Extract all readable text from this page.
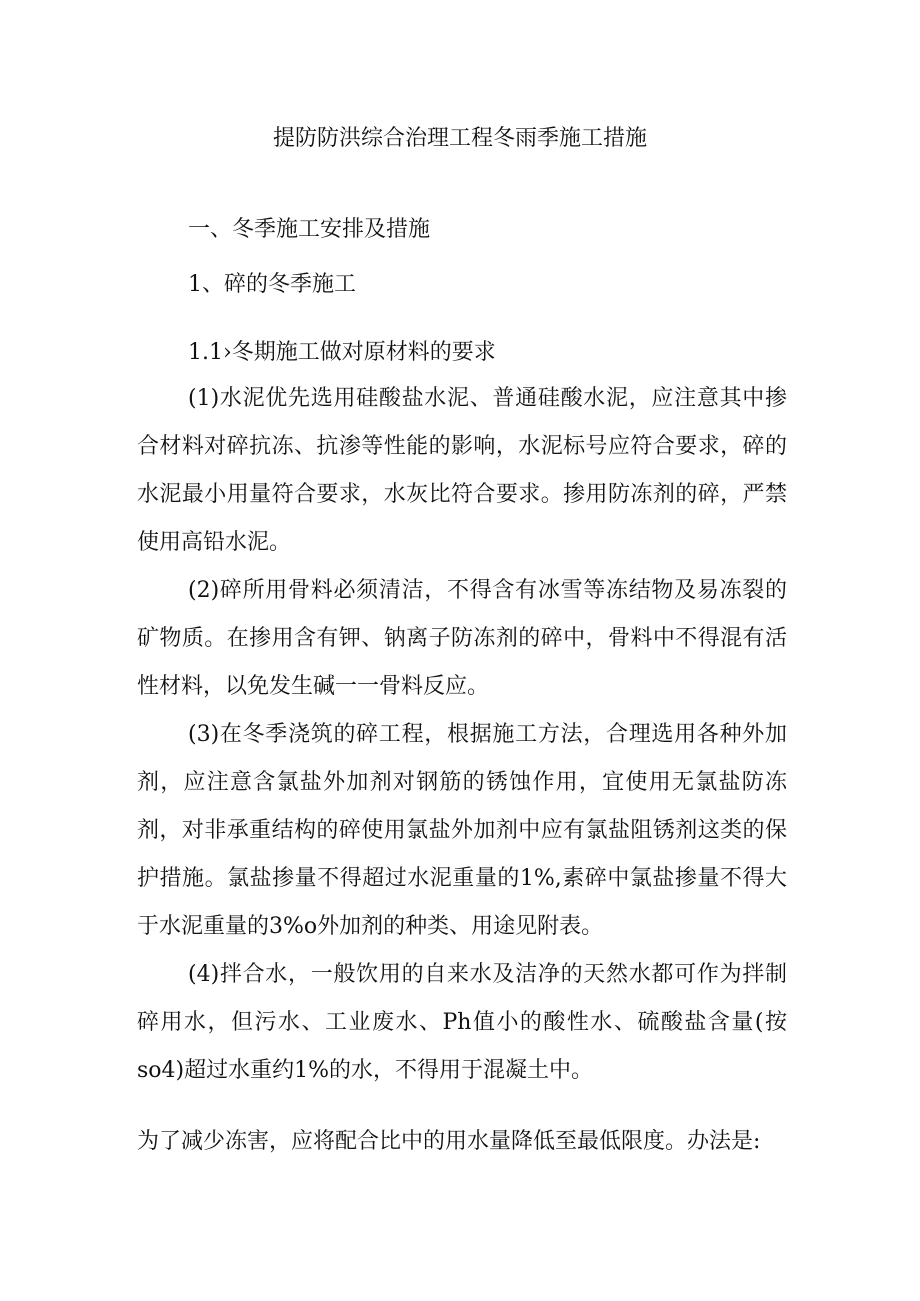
提防防洪综合治理工程冬雨季施工措施
一、冬季施工安排及措施
1、碎的冬季施工
1.1›冬期施工做对原材料的要求

(1)水泥优先选用硅酸盐水泥、普通硅酸水泥，应注意其中掺合材料对碎抗冻、抗渗等性能的影响，水泥标号应符合要求，碎的水泥最小用量符合要求，水灰比符合要求。掺用防冻剂的碎，严禁使用高铅水泥。

(2)碎所用骨料必须清洁，不得含有冰雪等冻结物及易冻裂的矿物质。在掺用含有钾、钠离子防冻剂的碎中，骨料中不得混有活性材料，以免发生碱一一骨料反应。

(3)在冬季浇筑的碎工程，根据施工方法，合理选用各种外加剂，应注意含氯盐外加剂对钢筋的锈蚀作用，宜使用无氯盐防冻剂，对非承重结构的碎使用氯盐外加剂中应有氯盐阻锈剂这类的保护措施。氯盐掺量不得超过水泥重量的1%,素碎中氯盐掺量不得大于水泥重量的3%o外加剂的种类、用途见附表。

(4)拌合水，一般饮用的自来水及洁净的天然水都可作为拌制碎用水，但污水、工业废水、Ph值小的酸性水、硫酸盐含量(按so4)超过水重约1%的水，不得用于混凝土中。

为了减少冻害，应将配合比中的用水量降低至最低限度。办法是:
